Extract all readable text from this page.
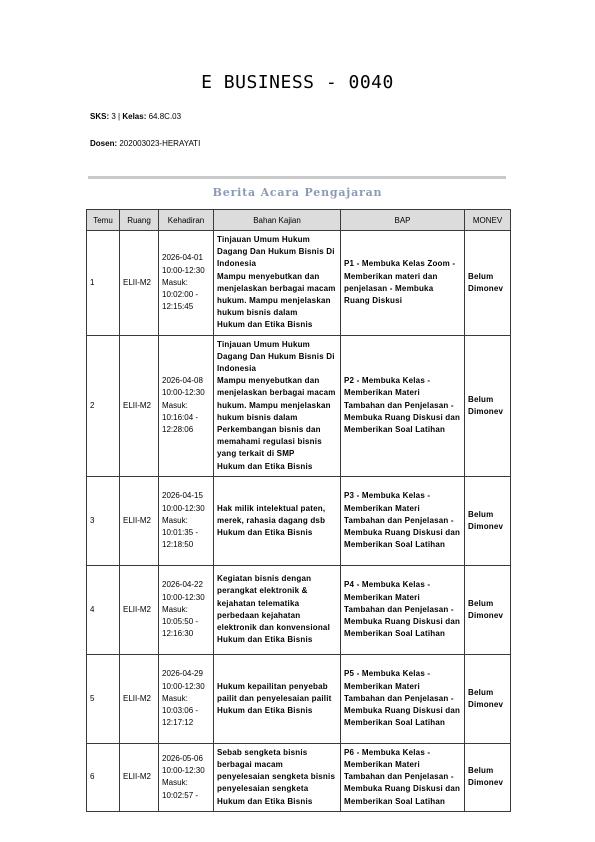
E BUSINESS - 0040
SKS: 3 | Kelas: 64.8C.03
Dosen: 202003023-HERAYATI
Berita Acara Pengajaran
Temu	Ruang	Kehadiran	Bahan Kajian	BAP	MONEV
1	ELII-M2	2026-04-01 10:00-12:30
Masuk: 10:02:00 - 12:15:45	Tinjauan Umum Hukum Dagang Dan Hukum Bisnis Di Indonesia
Mampu menyebutkan dan menjelaskan berbagai macam hukum. Mampu menjelaskan hukum bisnis dalam
Hukum dan Etika Bisnis	P1 - Membuka Kelas Zoom - Memberikan materi dan penjelasan - Membuka Ruang Diskusi	Belum Dimonev

2	ELII-M2	2026-04-08 10:00-12:30
Masuk: 10:16:04 - 12:28:06	Tinjauan Umum Hukum Dagang Dan Hukum Bisnis Di Indonesia
Mampu menyebutkan dan menjelaskan berbagai macam hukum. Mampu menjelaskan hukum bisnis dalam Perkembangan bisnis dan memahami regulasi bisnis yang terkait di SMP
Hukum dan Etika Bisnis	P2 - Membuka Kelas - Memberikan Materi Tambahan dan Penjelasan - Membuka Ruang Diskusi dan Memberikan Soal Latihan	Belum Dimonev

3	ELII-M2	2026-04-15 10:00-12:30
Masuk: 10:01:35 - 12:18:50	Hak milik intelektual paten, merek, rahasia dagang dsb
Hukum dan Etika Bisnis	P3 - Membuka Kelas - Memberikan Materi Tambahan dan Penjelasan - Membuka Ruang Diskusi dan Memberikan Soal Latihan	Belum Dimonev

4	ELII-M2	2026-04-22 10:00-12:30
Masuk: 10:05:50 - 12:16:30	Kegiatan bisnis dengan perangkat elektronik & kejahatan telematika perbedaan kejahatan elektronik dan konvensional
Hukum dan Etika Bisnis	P4 - Membuka Kelas - Memberikan Materi Tambahan dan Penjelasan - Membuka Ruang Diskusi dan Memberikan Soal Latihan	Belum Dimonev

5	ELII-M2	2026-04-29 10:00-12:30
Masuk: 10:03:06 - 12:17:12	Hukum kepailitan penyebab pailit dan penyelesaian pailit
Hukum dan Etika Bisnis	P5 - Membuka Kelas - Memberikan Materi Tambahan dan Penjelasan - Membuka Ruang Diskusi dan Memberikan Soal Latihan	Belum Dimonev

6	ELII-M2	2026-05-06 10:00-12:30
Masuk: 10:02:57 -	Sebab sengketa bisnis berbagai macam penyelesaian sengketa bisnis penyelesaian sengketa
Hukum dan Etika Bisnis	P6 - Membuka Kelas - Memberikan Materi Tambahan dan Penjelasan - Membuka Ruang Diskusi dan Memberikan Soal Latihan	Belum Dimonev
